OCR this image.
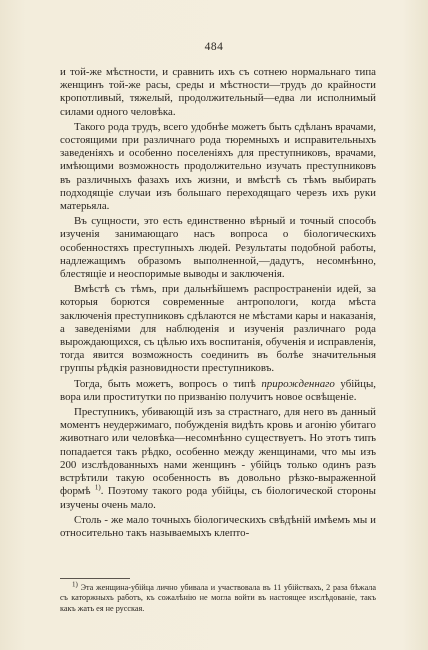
484

и той-же мѣстности, и сравнить ихъ съ сотнею нормальнаго типа женщинъ той-же расы, среды и мѣстности—трудъ до крайности кропотливый, тяжелый, продолжительный—едва ли исполнимый силами одного человѣка.

Такого рода трудъ, всего удобнѣе можетъ быть сдѣланъ врачами, состоящими при различнаго рода тюремныхъ и исправительныхъ заведеніяхъ и особенно поселеніяхъ для преступниковъ, врачами, имѣющими возможность продолжительно изучать преступниковъ въ различныхъ фазахъ ихъ жизни, и вмѣстѣ съ тѣмъ выбирать подходящіе случаи изъ большаго переходящаго черезъ ихъ руки матерьяла.

Въ сущности, это есть единственно вѣрный и точный способъ изученія занимающаго насъ вопроса о біологическихъ особенностяхъ преступныхъ людей. Результаты подобной работы, надлежащимъ образомъ выполненной,—дадутъ, несомнѣнно, блестящіе и неоспоримые выводы и заключенія.

Вмѣстѣ съ тѣмъ, при дальнѣйшемъ распространеніи идей, за которыя борются современные антропологи, когда мѣста заключенія преступниковъ сдѣлаются не мѣстами кары и наказанія, а заведеніями для наблюденія и изученія различнаго рода вырождающихся, съ цѣлью ихъ воспитанія, обученія и исправленія, тогда явится возможность соединить въ болѣе значительныя группы рѣдкія разновидности преступниковъ.

Тогда, быть можетъ, вопросъ о типѣ прирожденнаго убійцы, вора или проститутки по призванію получитъ новое освѣщеніе.

Преступникъ, убивающій изъ за страстнаго, для него въ данный моментъ неудержимаго, побужденія видѣть кровь и агонію убитаго животнаго или человѣка—несомнѣнно существуетъ. Но этотъ типъ попадается такъ рѣдко, особенно между женщинами, что мы изъ 200 изслѣдованныхъ нами женщинъ - убійцъ только одинъ разъ встрѣтили такую особенность въ довольно рѣзко-выраженной формѣ $^{1)}$. Поэтому такого рода убійцы, съ біологической стороны изучены очень мало.

Столь - же мало точныхъ біологическихъ свѣдѣній имѣемъ мы и относительно такъ называемыхъ клепто-

1) Эта женщина-убійца лично убивала и участвовала въ 11 убійствахъ, 2 раза бѣжала съ каторжныхъ работъ, къ сожалѣнію не могла войти въ настоящее изслѣдованіе, такъ какъ жать ея не русская.
